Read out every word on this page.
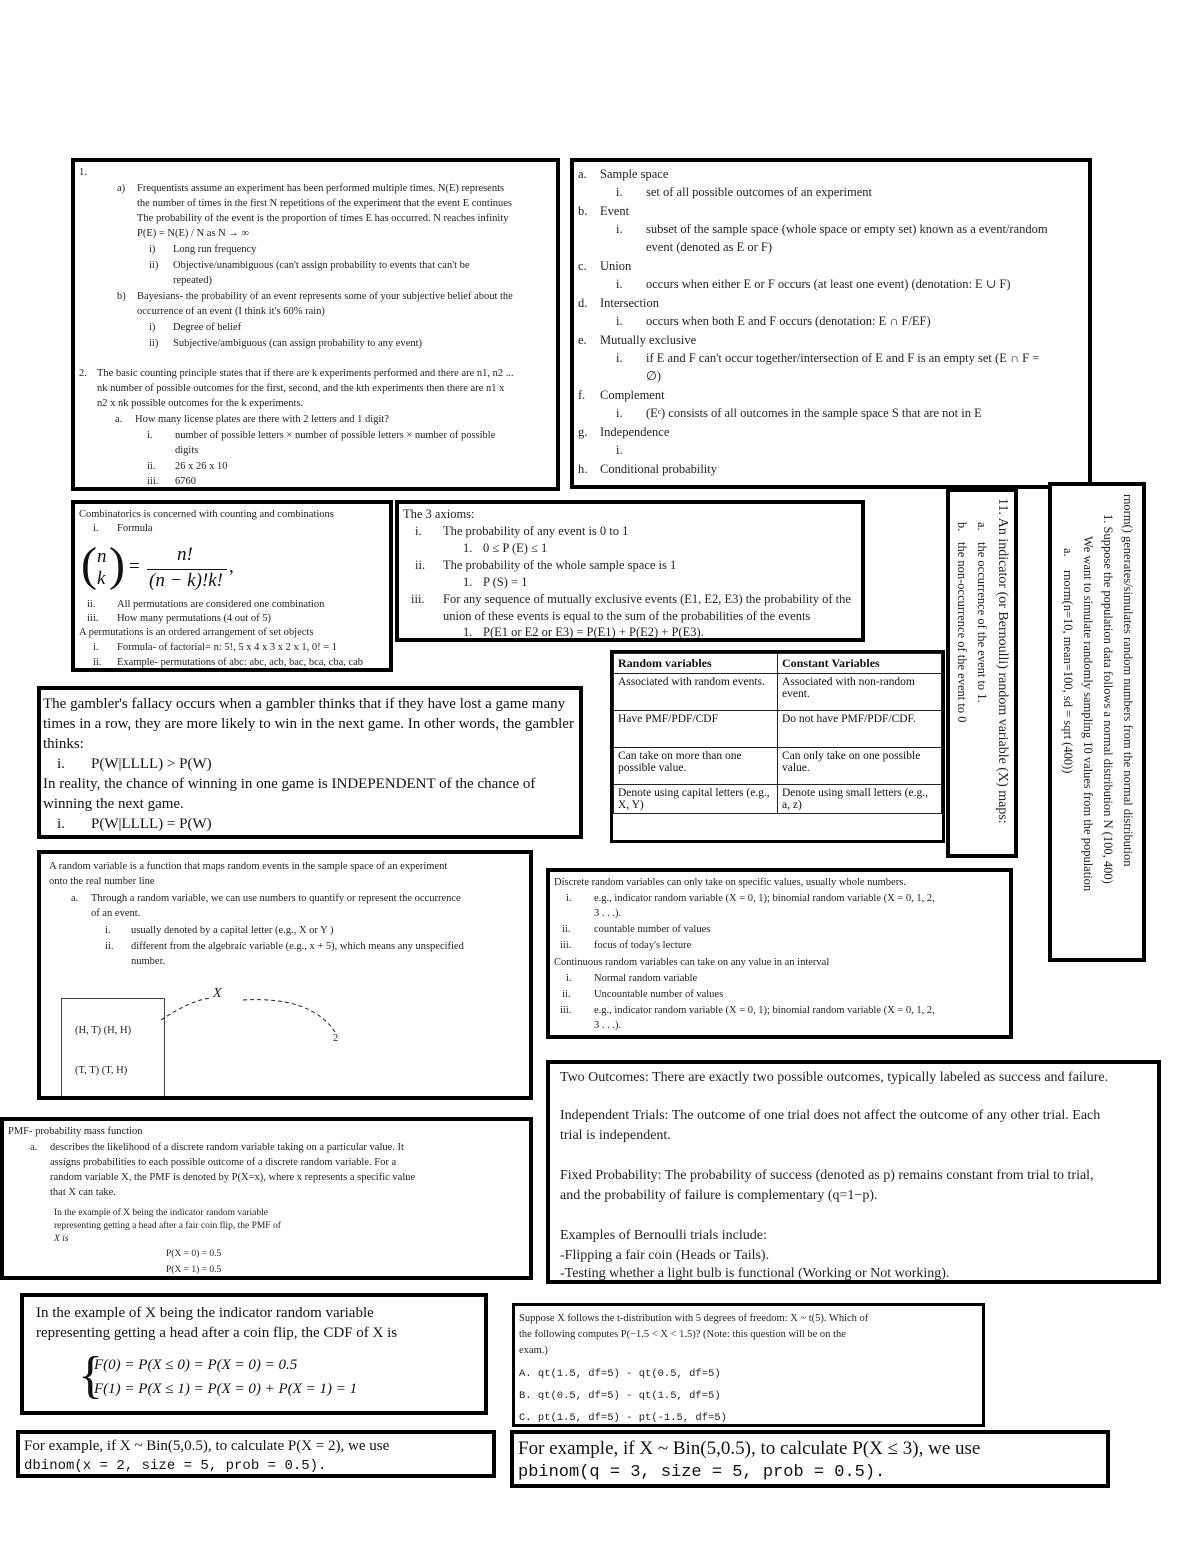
1.
a) Frequentists assume an experiment has been performed multiple times. N(E) represents
the number of times in the first N repetitions of the experiment that the event E continues
The probability of the event is the proportion of times E has occurred. N reaches infinity
P(E) = N(E) / N as N → ∞
i) Long run frequency
ii) Objective/unambiguous (can't assign probability to events that can't be
repeated)
b) Bayesians- the probability of an event represents some of your subjective belief about the
occurrence of an event (I think it's 60% rain)
i) Degree of belief
ii) Subjective/ambiguous (can assign probability to any event)
2. The basic counting principle states that if there are k experiments performed and there are n1, n2 ...
nk number of possible outcomes for the first, second, and the kth experiments then there are n1 x
n2 x nk possible outcomes for the k experiments.
a. How many license plates are there with 2 letters and 1 digit?
i. number of possible letters × number of possible letters × number of possible
digits
ii. 26 x 26 x 10
iii. 6760
a. Sample space
i. set of all possible outcomes of an experiment
b. Event
i. subset of the sample space (whole space or empty set) known as a event/random
event (denoted as E or F)
c. Union
i. occurs when either E or F occurs (at least one event) (denotation: E ∪ F)
d. Intersection
i. occurs when both E and F occurs (denotation: E ∩ F/EF)
e. Mutually exclusive
i. if E and F can't occur together/intersection of E and F is an empty set (E ∩ F =
∅)
f. Complement
i. (Eᶜ) consists of all outcomes in the sample space S that are not in E
g. Independence
i.
h. Conditional probability
Combinatorics is concerned with counting and combinations
i. Formula
( n
k ) =
n!
(n − k)!k!
,
ii. All permutations are considered one combination
iii. How many permutations (4 out of 5)
A permutations is an ordered arrangement of set objects
i. Formula- of factorial= n: 5!, 5 x 4 x 3 x 2 x 1, 0! = 1
ii. Example- permutations of abc: abc, acb, bac, bca, cba, cab
The 3 axioms:
i. The probability of any event is 0 to 1
1. 0 ≤ P (E) ≤ 1
ii. The probability of the whole sample space is 1
1. P (S) = 1
iii. For any sequence of mutually exclusive events (E1, E2, E3) the probability of the
union of these events is equal to the sum of the probabilities of the events
1. P(E1 or E2 or E3) = P(E1) + P(E2) + P(E3).
Random variables	Constant Variables
Associated with random events.	Associated with non-random event.
Have PMF/PDF/CDF	Do not have PMF/PDF/CDF.
Can take on more than one possible value.	Can only take on one possible value.
Denote using capital letters (e.g., X, Y)	Denote using small letters (e.g., a, z)	11. An indicator (or Bernoulli) random variable (X) maps:
a.
the occurrence of the event to 1.
b.
the non-occurrence of the event to 0	rnorm() generates/simulates random numbers from the normal distribution
1. Suppose the population data follows a normal distribution N (100, 400)
We want to simulate randomly sampling 10 values from the population
a.
rnorm(n=10, mean=100, sd = sqrt (400))
The gambler's fallacy occurs when a gambler thinks that if they have lost a game many
times in a row, they are more likely to win in the next game. In other words, the gambler
thinks:
i. P(W|LLLL) > P(W)
In reality, the chance of winning in one game is INDEPENDENT of the chance of
winning the next game.
i. P(W|LLLL) = P(W)
A random variable is a function that maps random events in the sample space of an experiment
onto the real number line
a. Through a random variable, we can use numbers to quantify or represent the occurrence
of an event.
i. usually denoted by a capital letter (e.g., X or Y )
ii. different from the algebraic variable (e.g., x + 5), which means any unspecified
number.
X
(H, T) (H, H)
(T, T) (T, H)
2
Discrete random variables can only take on specific values, usually whole numbers.
i. e.g., indicator random variable (X = 0, 1); binomial random variable (X = 0, 1, 2,
3 . . .).
ii. countable number of values
iii. focus of today's lecture
Continuous random variables can take on any value in an interval
i. Normal random variable
ii. Uncountable number of values
iii. e.g., indicator random variable (X = 0, 1); binomial random variable (X = 0, 1, 2,
3 . . .).
Two Outcomes: There are exactly two possible outcomes, typically labeled as success and failure.
Independent Trials: The outcome of one trial does not affect the outcome of any other trial. Each
trial is independent.
Fixed Probability: The probability of success (denoted as p) remains constant from trial to trial,
and the probability of failure is complementary (q=1−p).
Examples of Bernoulli trials include:
-Flipping a fair coin (Heads or Tails).
-Testing whether a light bulb is functional (Working or Not working).
PMF- probability mass function
a. describes the likelihood of a discrete random variable taking on a particular value. It
assigns probabilities to each possible outcome of a discrete random variable. For a
random variable X, the PMF is denoted by P(X=x), where x represents a specific value
that X can take.
In the example of X being the indicator random variable
representing getting a head after a fair coin flip, the PMF of
X is
P(X = 0) = 0.5
P(X = 1) = 0.5
In the example of X being the indicator random variable
representing getting a head after a coin flip, the CDF of X is
{
F(0) = P(X ≤ 0) = P(X = 0) = 0.5
F(1) = P(X ≤ 1) = P(X = 0) + P(X = 1) = 1
Suppose X follows the t-distribution with 5 degrees of freedom: X ~ t(5). Which of
the following computes P(−1.5 < X < 1.5)? (Note: this question will be on the
exam.)
A. qt(1.5, df=5) - qt(0.5, df=5)
B. qt(0.5, df=5) - qt(1.5, df=5)
C. pt(1.5, df=5) - pt(-1.5, df=5)
For example, if X ~ Bin(5,0.5), to calculate P(X = 2), we use
dbinom(x = 2, size = 5, prob = 0.5).
For example, if X ~ Bin(5,0.5), to calculate P(X ≤ 3), we use
pbinom(q = 3, size = 5, prob = 0.5).
